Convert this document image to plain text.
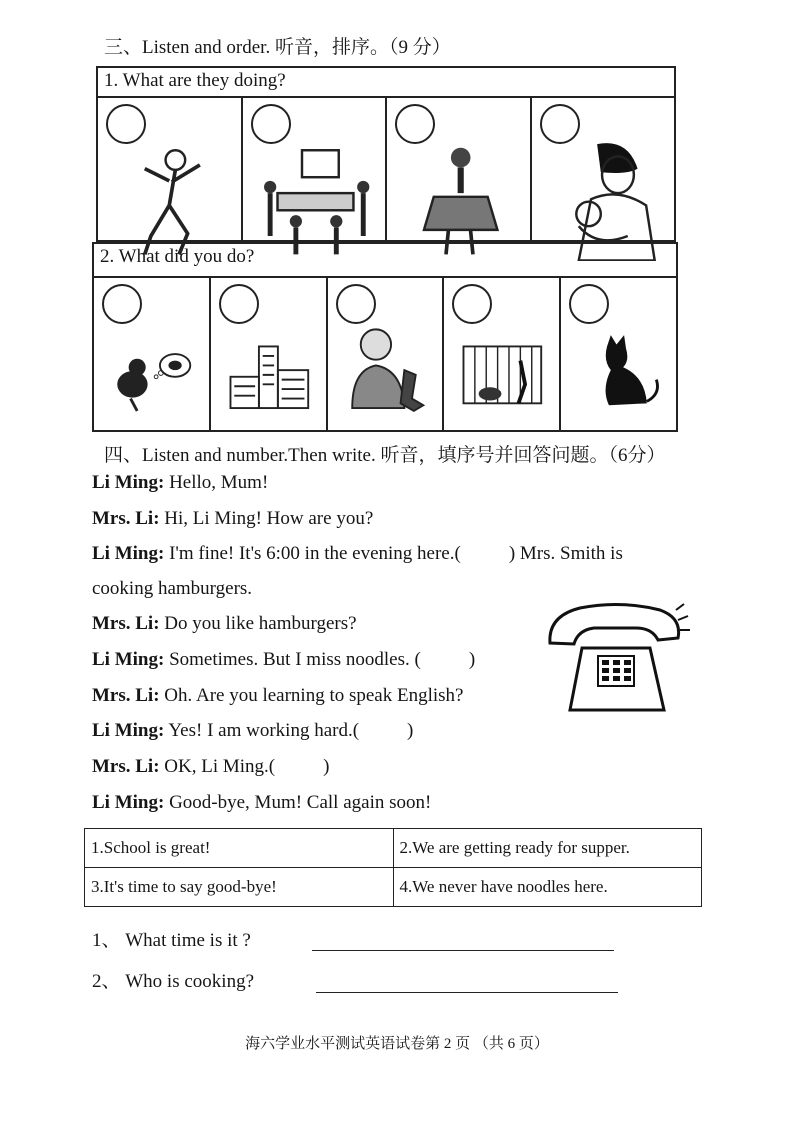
三、Listen and order. 听音，排序。（9 分）
1. What are they doing?
2. What did you do?
四、Listen and number.Then write. 听音，填序号并回答问题。（6分）
Li Ming: Hello, Mum!
Mrs. Li: Hi, Li Ming! How are you?
Li Ming: I'm fine! It's 6:00 in the evening here.(	) Mrs. Smith is
cooking hamburgers.
Mrs. Li: Do you like hamburgers?
Li Ming: Sometimes. But I miss noodles. (	)
Mrs. Li: Oh. Are you learning to speak English?
Li Ming: Yes! I am working hard.(	)
Mrs. Li: OK, Li Ming.(	)
Li Ming: Good-bye, Mum! Call again soon!
1.School is great!	2.We are getting ready for supper.
3.It's time to say good-bye!	4.We never have noodles here.
1、 What time is it ?
2、 Who is cooking?
海六学业水平测试英语试卷第 2 页 （共 6 页）
